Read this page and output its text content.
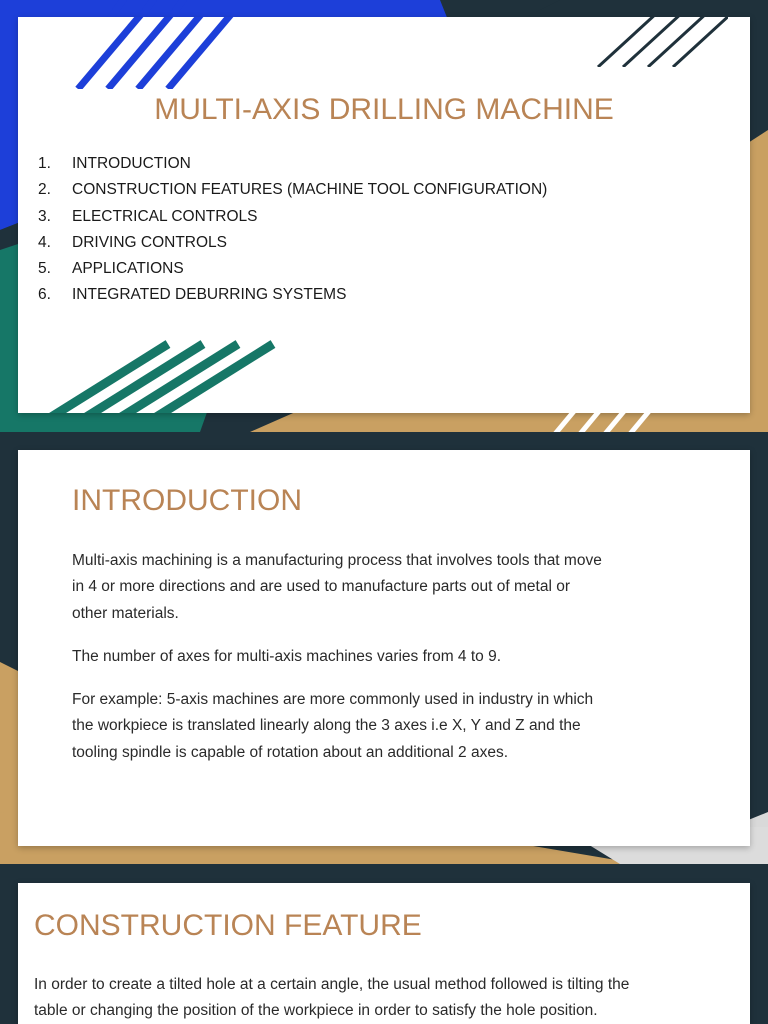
MULTI-AXIS DRILLING MACHINE
1. INTRODUCTION
2. CONSTRUCTION FEATURES (MACHINE TOOL CONFIGURATION)
3. ELECTRICAL CONTROLS
4. DRIVING CONTROLS
5. APPLICATIONS
6. INTEGRATED DEBURRING SYSTEMS
INTRODUCTION

Multi-axis machining is a manufacturing process that involves tools that move
in 4 or more directions and are used to manufacture parts out of metal or
other materials.

The number of axes for multi-axis machines varies from 4 to 9.

For example: 5-axis machines are more commonly used in industry in which
the workpiece is translated linearly along the 3 axes i.e X, Y and Z and the
tooling spindle is capable of rotation about an additional 2 axes.

CONSTRUCTION FEATURE

In order to create a tilted hole at a certain angle, the usual method followed is tilting the
table or changing the position of the workpiece in order to satisfy the hole position.
